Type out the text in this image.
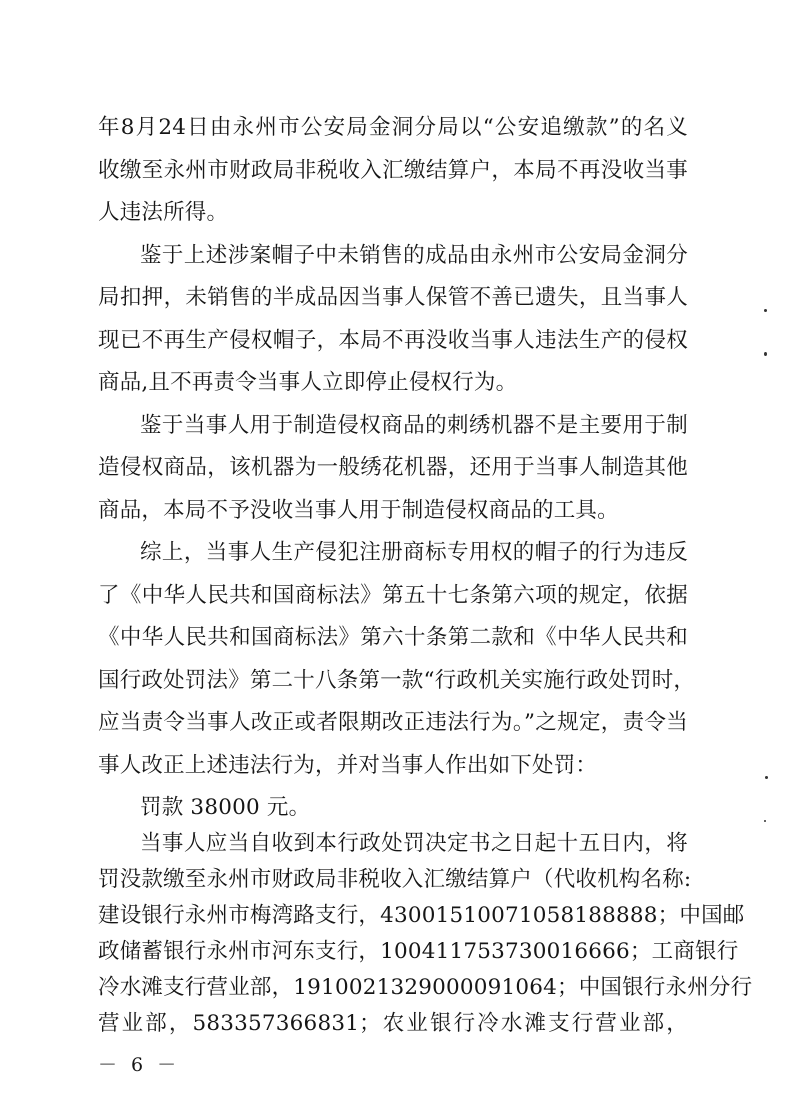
年8月24日由永州市公安局金洞分局以“公安追缴款”的名义
收缴至永州市财政局非税收入汇缴结算户，本局不再没收当事
人违法所得。
鉴于上述涉案帽子中未销售的成品由永州市公安局金洞分
局扣押，未销售的半成品因当事人保管不善已遗失，且当事人
现已不再生产侵权帽子，本局不再没收当事人违法生产的侵权
商品,且不再责令当事人立即停止侵权行为。
鉴于当事人用于制造侵权商品的刺绣机器不是主要用于制
造侵权商品，该机器为一般绣花机器，还用于当事人制造其他
商品，本局不予没收当事人用于制造侵权商品的工具。
综上，当事人生产侵犯注册商标专用权的帽子的行为违反
了《中华人民共和国商标法》第五十七条第六项的规定，依据
《中华人民共和国商标法》第六十条第二款和《中华人民共和
国行政处罚法》第二十八条第一款“行政机关实施行政处罚时，
应当责令当事人改正或者限期改正违法行为。”之规定，责令当
事人改正上述违法行为，并对当事人作出如下处罚：
罚款 38000 元。
当事人应当自收到本行政处罚决定书之日起十五日内，将
罚没款缴至永州市财政局非税收入汇缴结算户（代收机构名称:
建设银行永州市梅湾路支行，43001510071058188888；中国邮
政储蓄银行永州市河东支行，100411753730016666；工商银行
冷水滩支行营业部，1910021329000091064；中国银行永州分行
－ 6 －
营业部，583357366831；农业银行冷水滩支行营业部，
